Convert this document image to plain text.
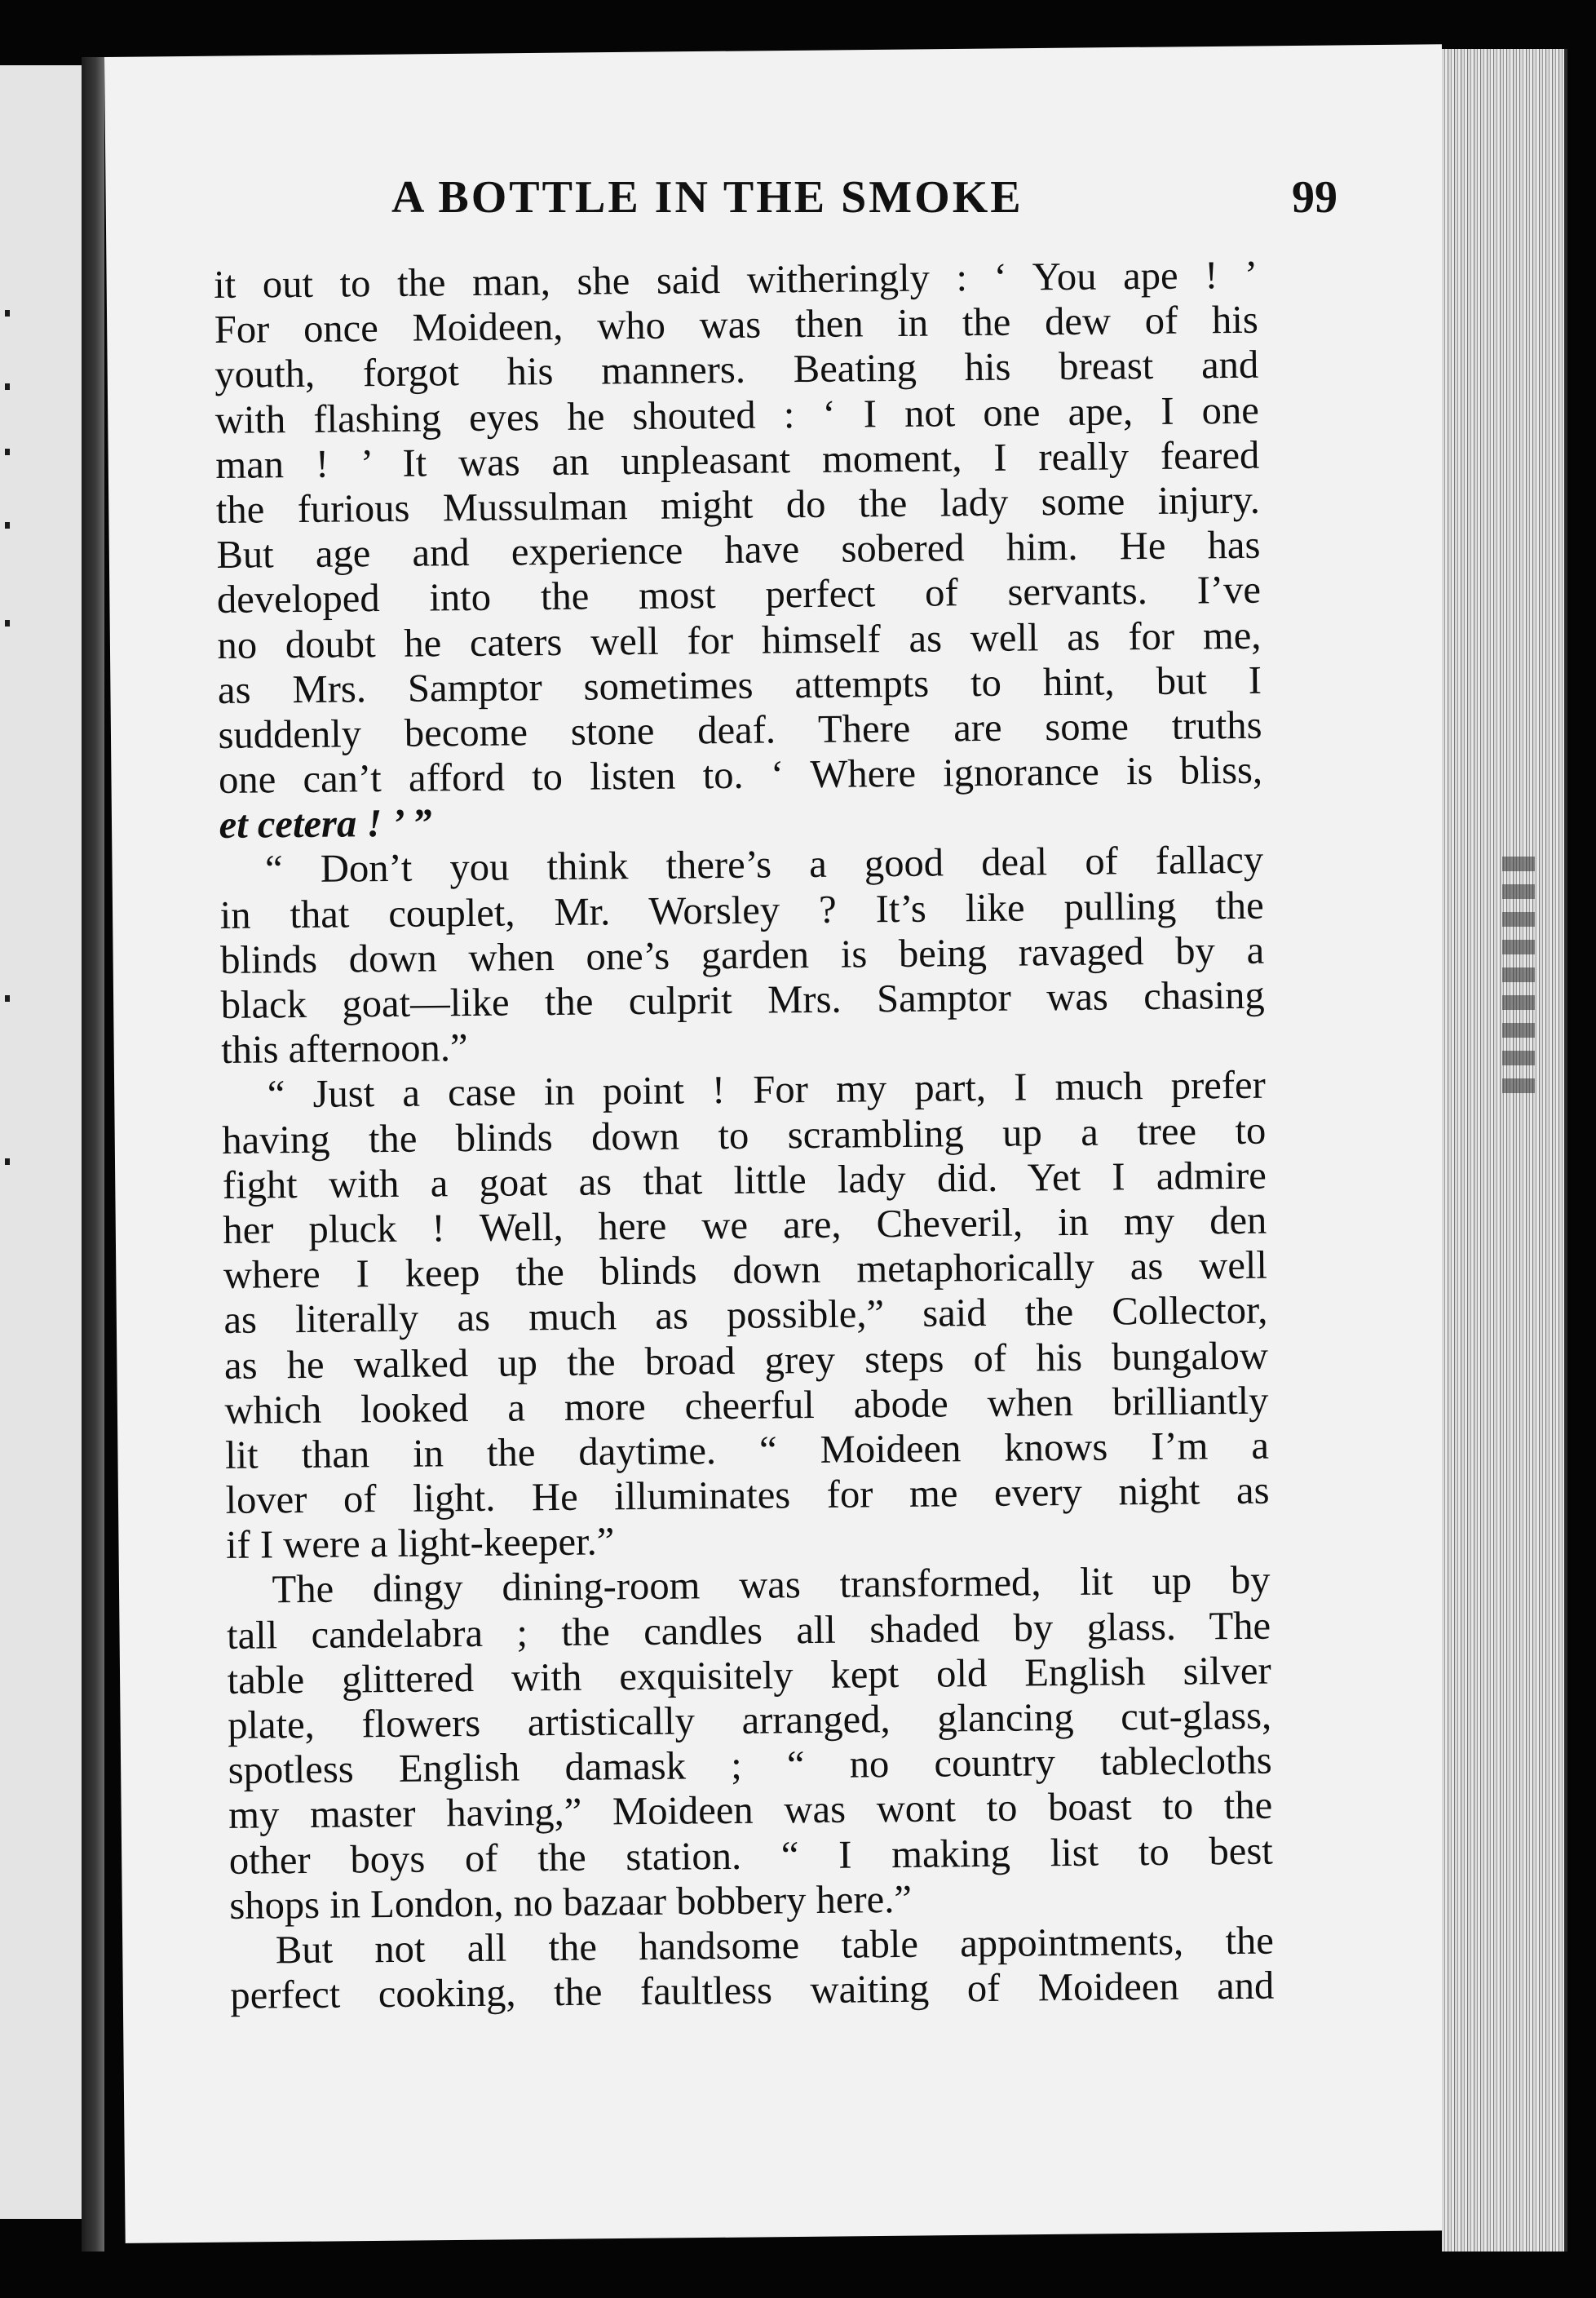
A BOTTLE IN THE SMOKE	99
it out to the man, she said witheringly : ‘ You ape ! ’
For once Moideen, who was then in the dew of his
youth, forgot his manners. Beating his breast and
with flashing eyes he shouted : ‘ I not one ape, I one
man ! ’ It was an unpleasant moment, I really feared
the furious Mussulman might do the lady some injury.
But age and experience have sobered him. He has
developed into the most perfect of servants. I’ve
no doubt he caters well for himself as well as for me,
as Mrs. Samptor sometimes attempts to hint, but I
suddenly become stone deaf. There are some truths
one can’t afford to listen to. ‘ Where ignorance is bliss,
et cetera ! ’ ”
“ Don’t you think there’s a good deal of fallacy
in that couplet, Mr. Worsley ? It’s like pulling the
blinds down when one’s garden is being ravaged by a
black goat—like the culprit Mrs. Samptor was chasing
this afternoon.”
“ Just a case in point ! For my part, I much prefer
having the blinds down to scrambling up a tree to
fight with a goat as that little lady did. Yet I admire
her pluck ! Well, here we are, Cheveril, in my den
where I keep the blinds down metaphorically as well
as literally as much as possible,” said the Collector,
as he walked up the broad grey steps of his bungalow
which looked a more cheerful abode when brilliantly
lit than in the daytime. “ Moideen knows I’m a
lover of light. He illuminates for me every night as
if I were a light-keeper.”
The dingy dining-room was transformed, lit up by
tall candelabra ; the candles all shaded by glass. The
table glittered with exquisitely kept old English silver
plate, flowers artistically arranged, glancing cut-glass,
spotless English damask ; “ no country tablecloths
my master having,” Moideen was wont to boast to the
other boys of the station. “ I making list to best
shops in London, no bazaar bobbery here.”
But not all the handsome table appointments, the
perfect cooking, the faultless waiting of Moideen and
